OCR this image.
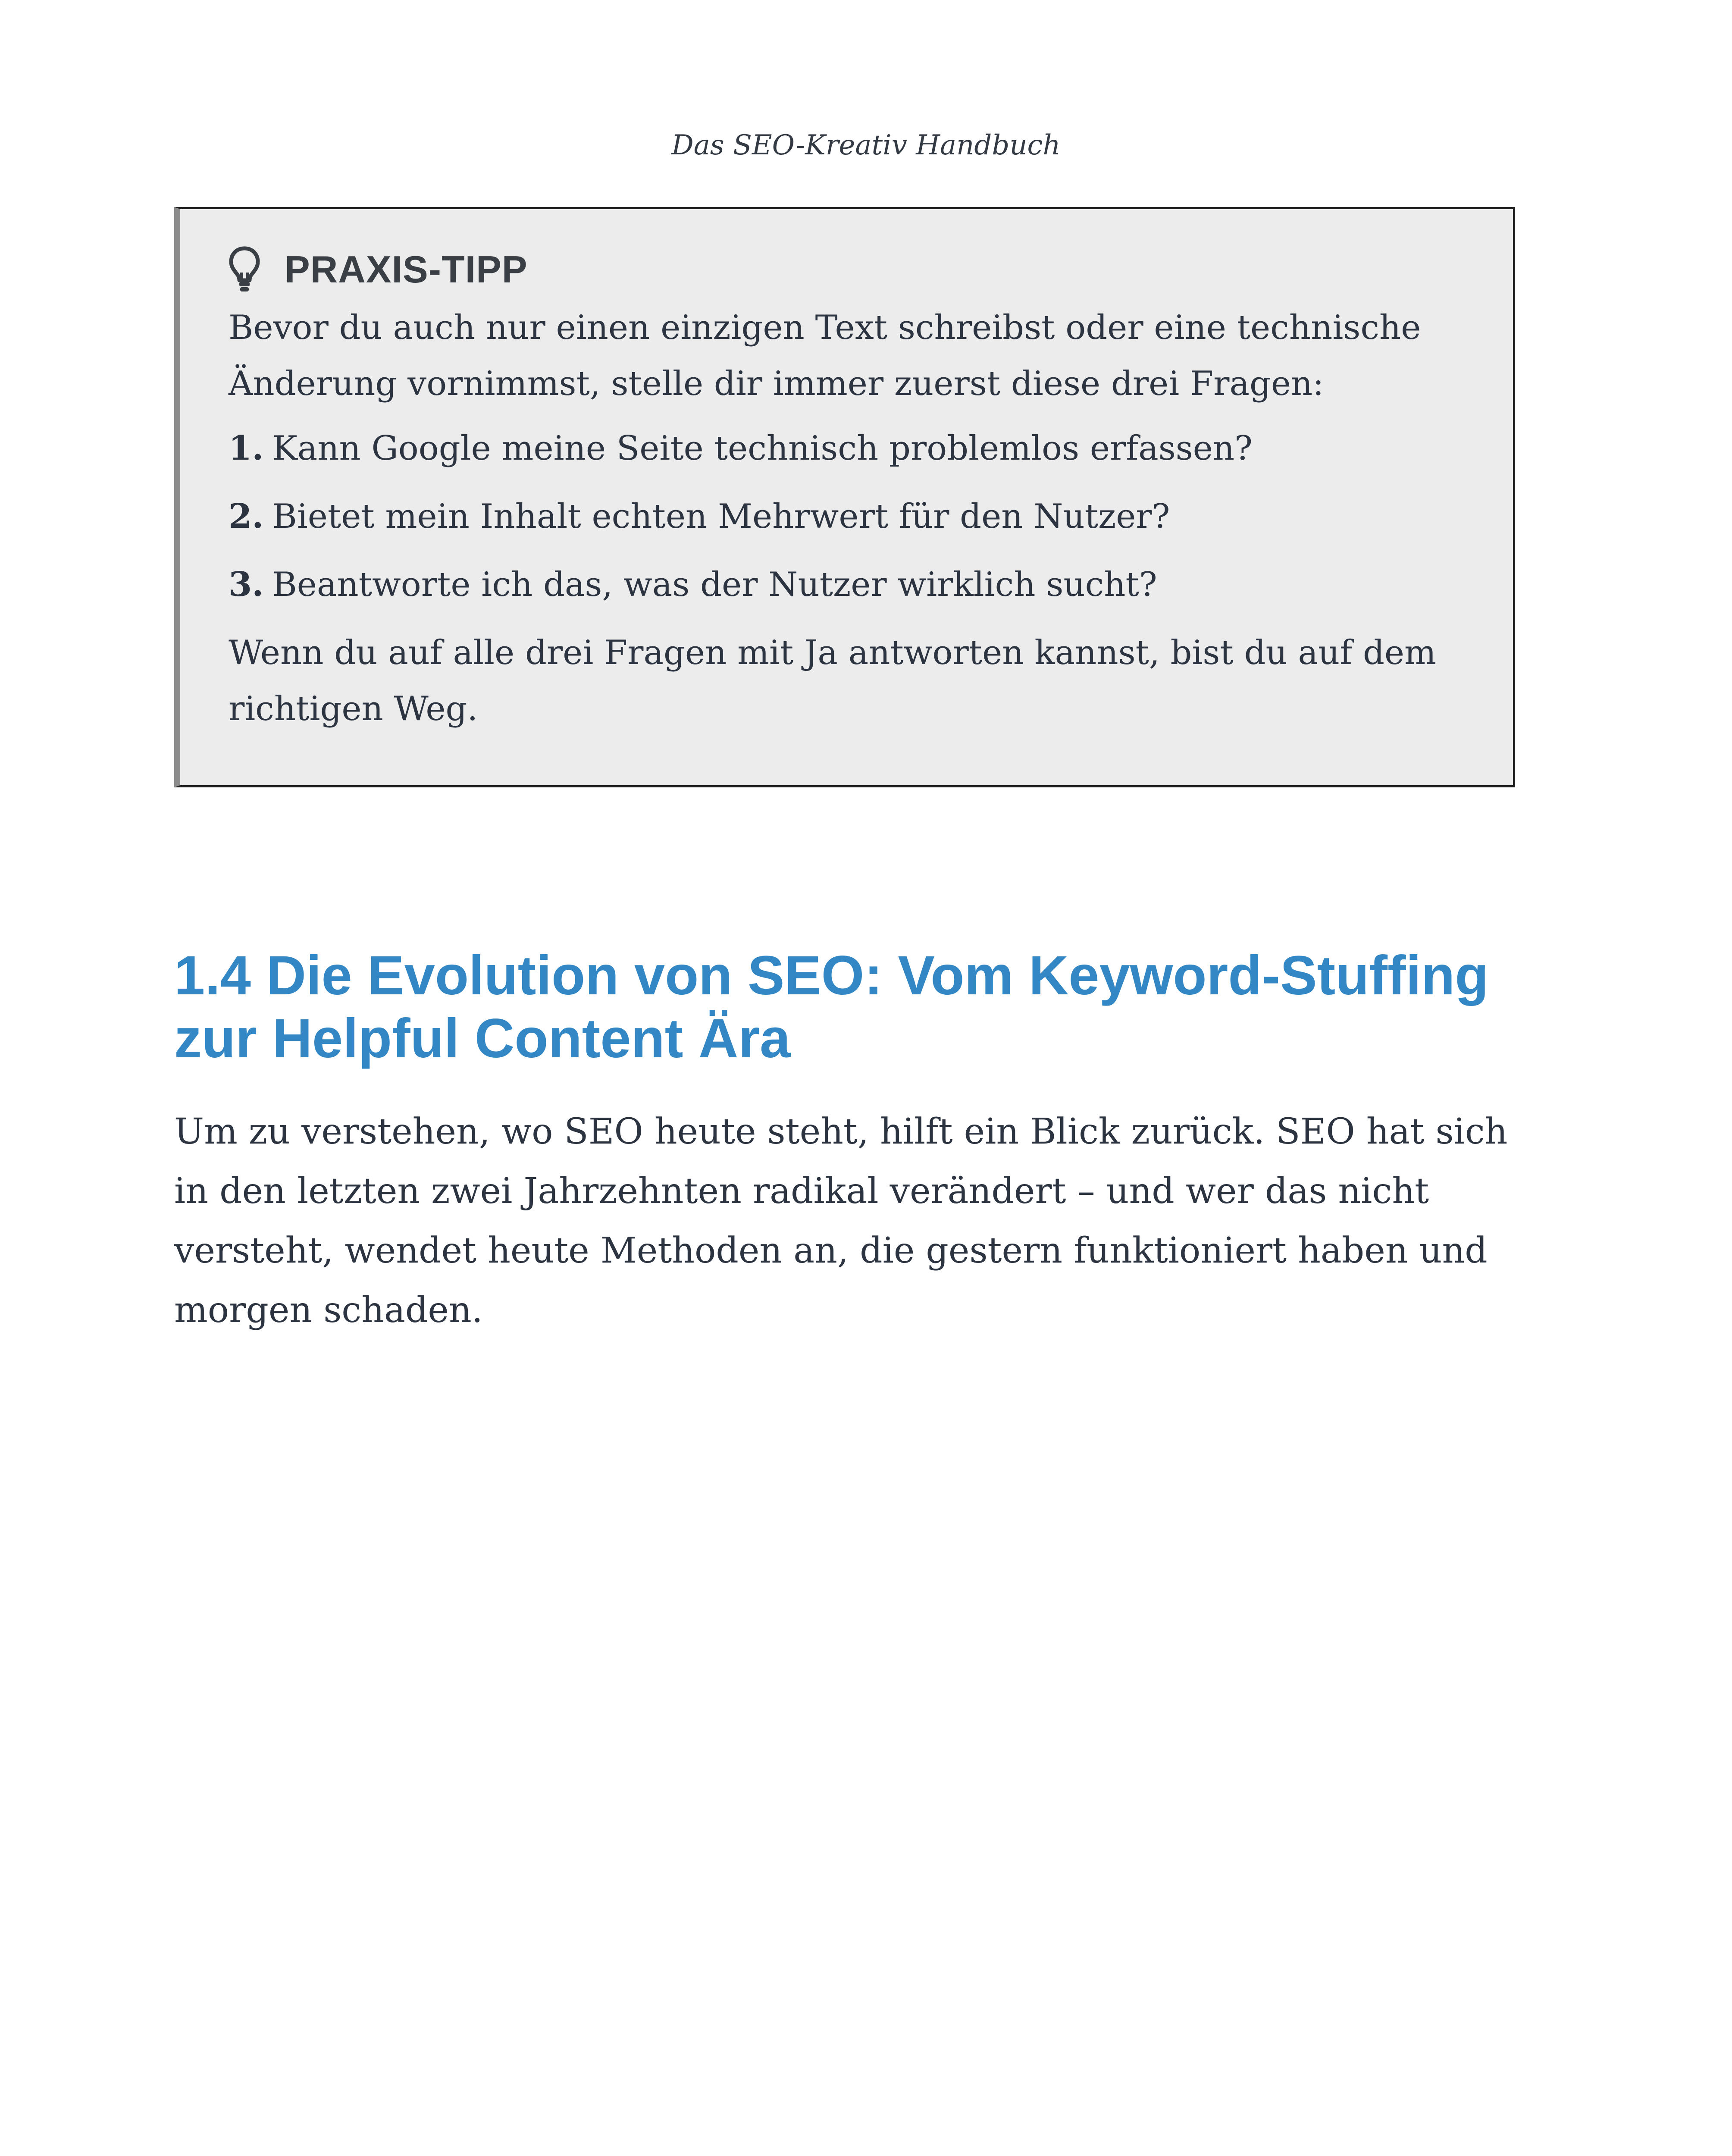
Das SEO-Kreativ Handbuch
PRAXIS-TIPP

Bevor du auch nur einen einzigen Text schreibst oder eine technische Änderung vornimmst, stelle dir immer zuerst diese drei Fragen:

1. Kann Google meine Seite technisch problemlos erfassen?
2. Bietet mein Inhalt echten Mehrwert für den Nutzer?
3. Beantworte ich das, was der Nutzer wirklich sucht?

Wenn du auf alle drei Fragen mit Ja antworten kannst, bist du auf dem richtigen Weg.

1.4 Die Evolution von SEO: Vom Keyword-Stuffing zur Helpful Content Ära

Um zu verstehen, wo SEO heute steht, hilft ein Blick zurück. SEO hat sich in den letzten zwei Jahrzehnten radikal verändert – und wer das nicht versteht, wendet heute Methoden an, die gestern funktioniert haben und morgen schaden.
